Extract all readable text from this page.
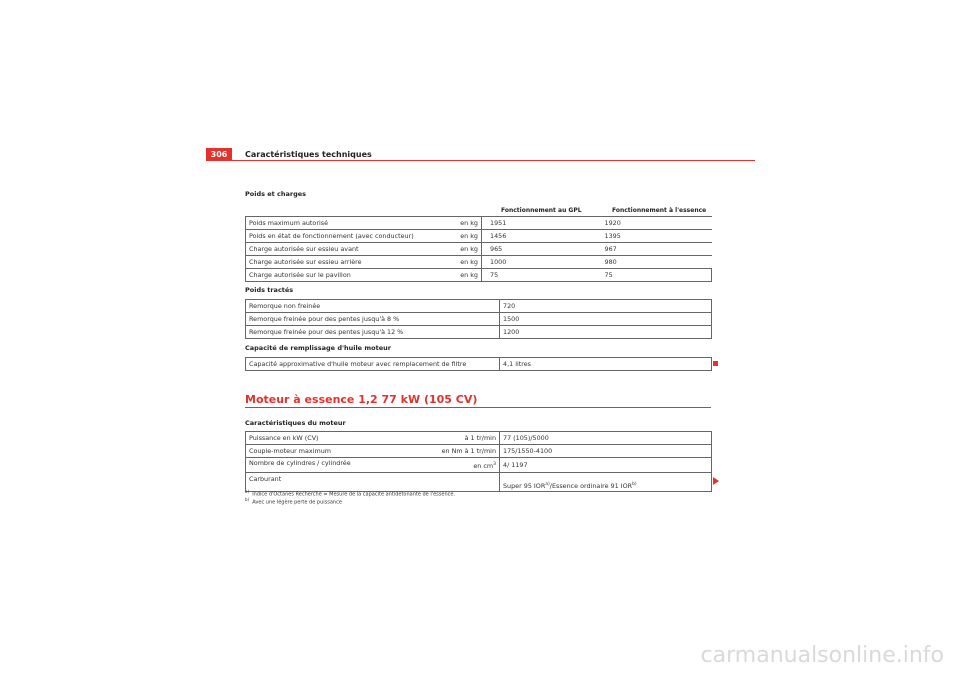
306	Caractéristiques techniques
Poids et charges
Fonctionnement au GPL	Fonctionnement à l'essence
Poids maximum autorisé en kg	1951	1920
Poids en état de fonctionnement (avec conducteur) en kg	1456	1395
Charge autorisée sur essieu avant en kg	965	967
Charge autorisée sur essieu arrière en kg	1000	980
Charge autorisée sur le pavillon en kg	75	75
Poids tractés
Remorque non freinée	720
Remorque freinée pour des pentes jusqu'à 8 %	1500
Remorque freinée pour des pentes jusqu'à 12 %	1200
Capacité de remplissage d'huile moteur
Capacité approximative d'huile moteur avec remplacement de filtre	4,1 litres
Moteur à essence 1,2 77 kW (105 CV)
Caractéristiques du moteur
Puissance en kW (CV) à 1 tr/min	77 (105)/5000
Couple-moteur maximum en Nm à 1 tr/min	175/1550-4100
Nombre de cylindres / cylindrée en $cm^3$	4/ 1197
Carburant	Super 95 IOR$^{a)}$/Essence ordinaire 91 IOR$^{b)}$
$^{a)}$  Indice d'Octanes Recherché = Mesure de la capacité antidétonante de l'essence.
$^{b)}$  Avec une légère perte de puissance
carmanualsonline.info
